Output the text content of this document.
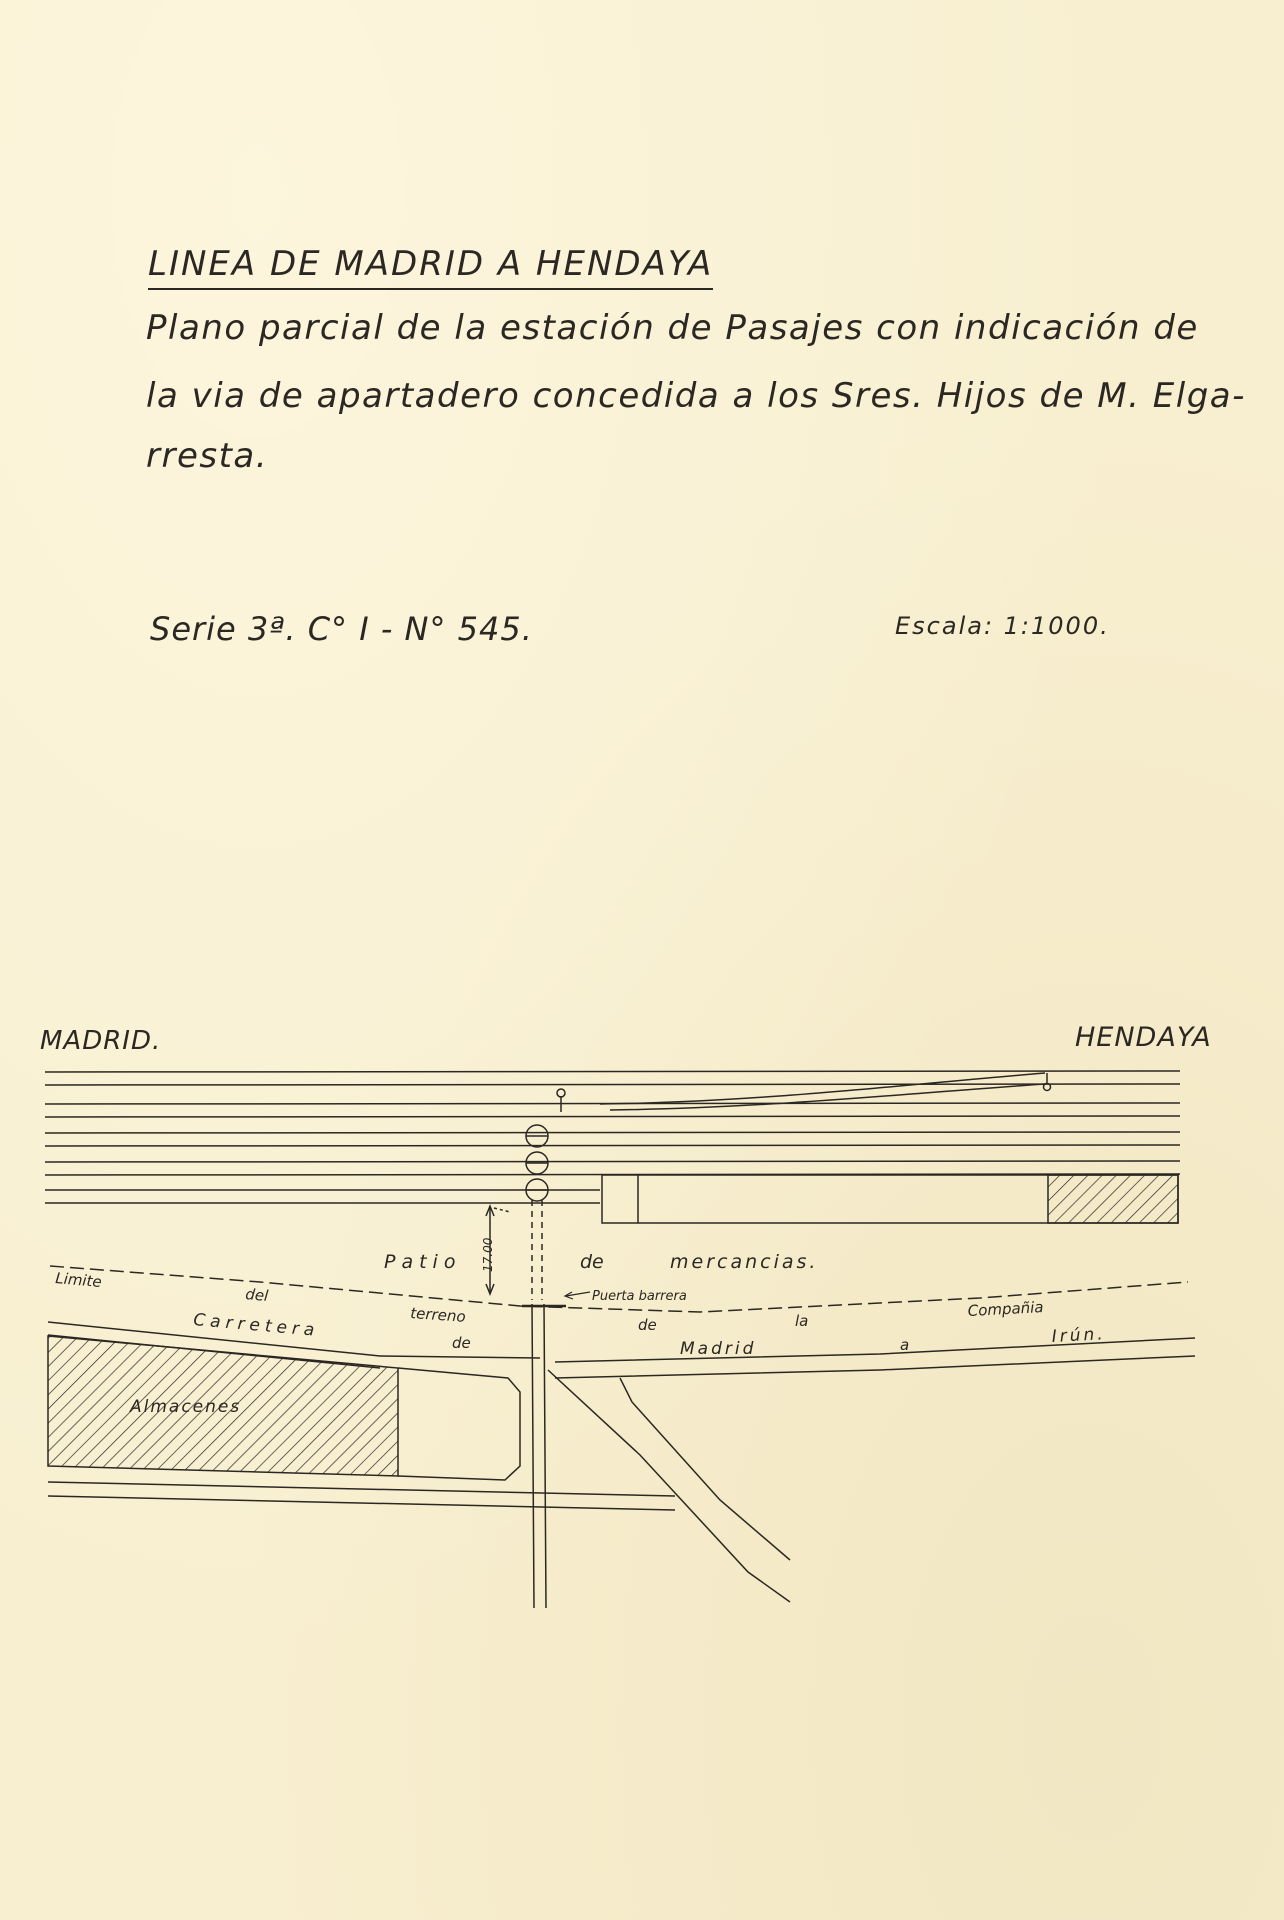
LINEA DE MADRID A HENDAYA
Plano parcial de la estación de Pasajes con indicación de
la via de apartadero concedida a los Sres. Hijos de M. Elga-
rresta.
Serie 3ª. C° I - N° 545.	Escala: 1:1000.
MADRID.	HENDAYA
Limite
del
Carretera
Patio 17.00	de	mercancias.
terreno
Puerta barrera
de	la
Compañia
de	Madrid	a	Irún.
Almacenes
